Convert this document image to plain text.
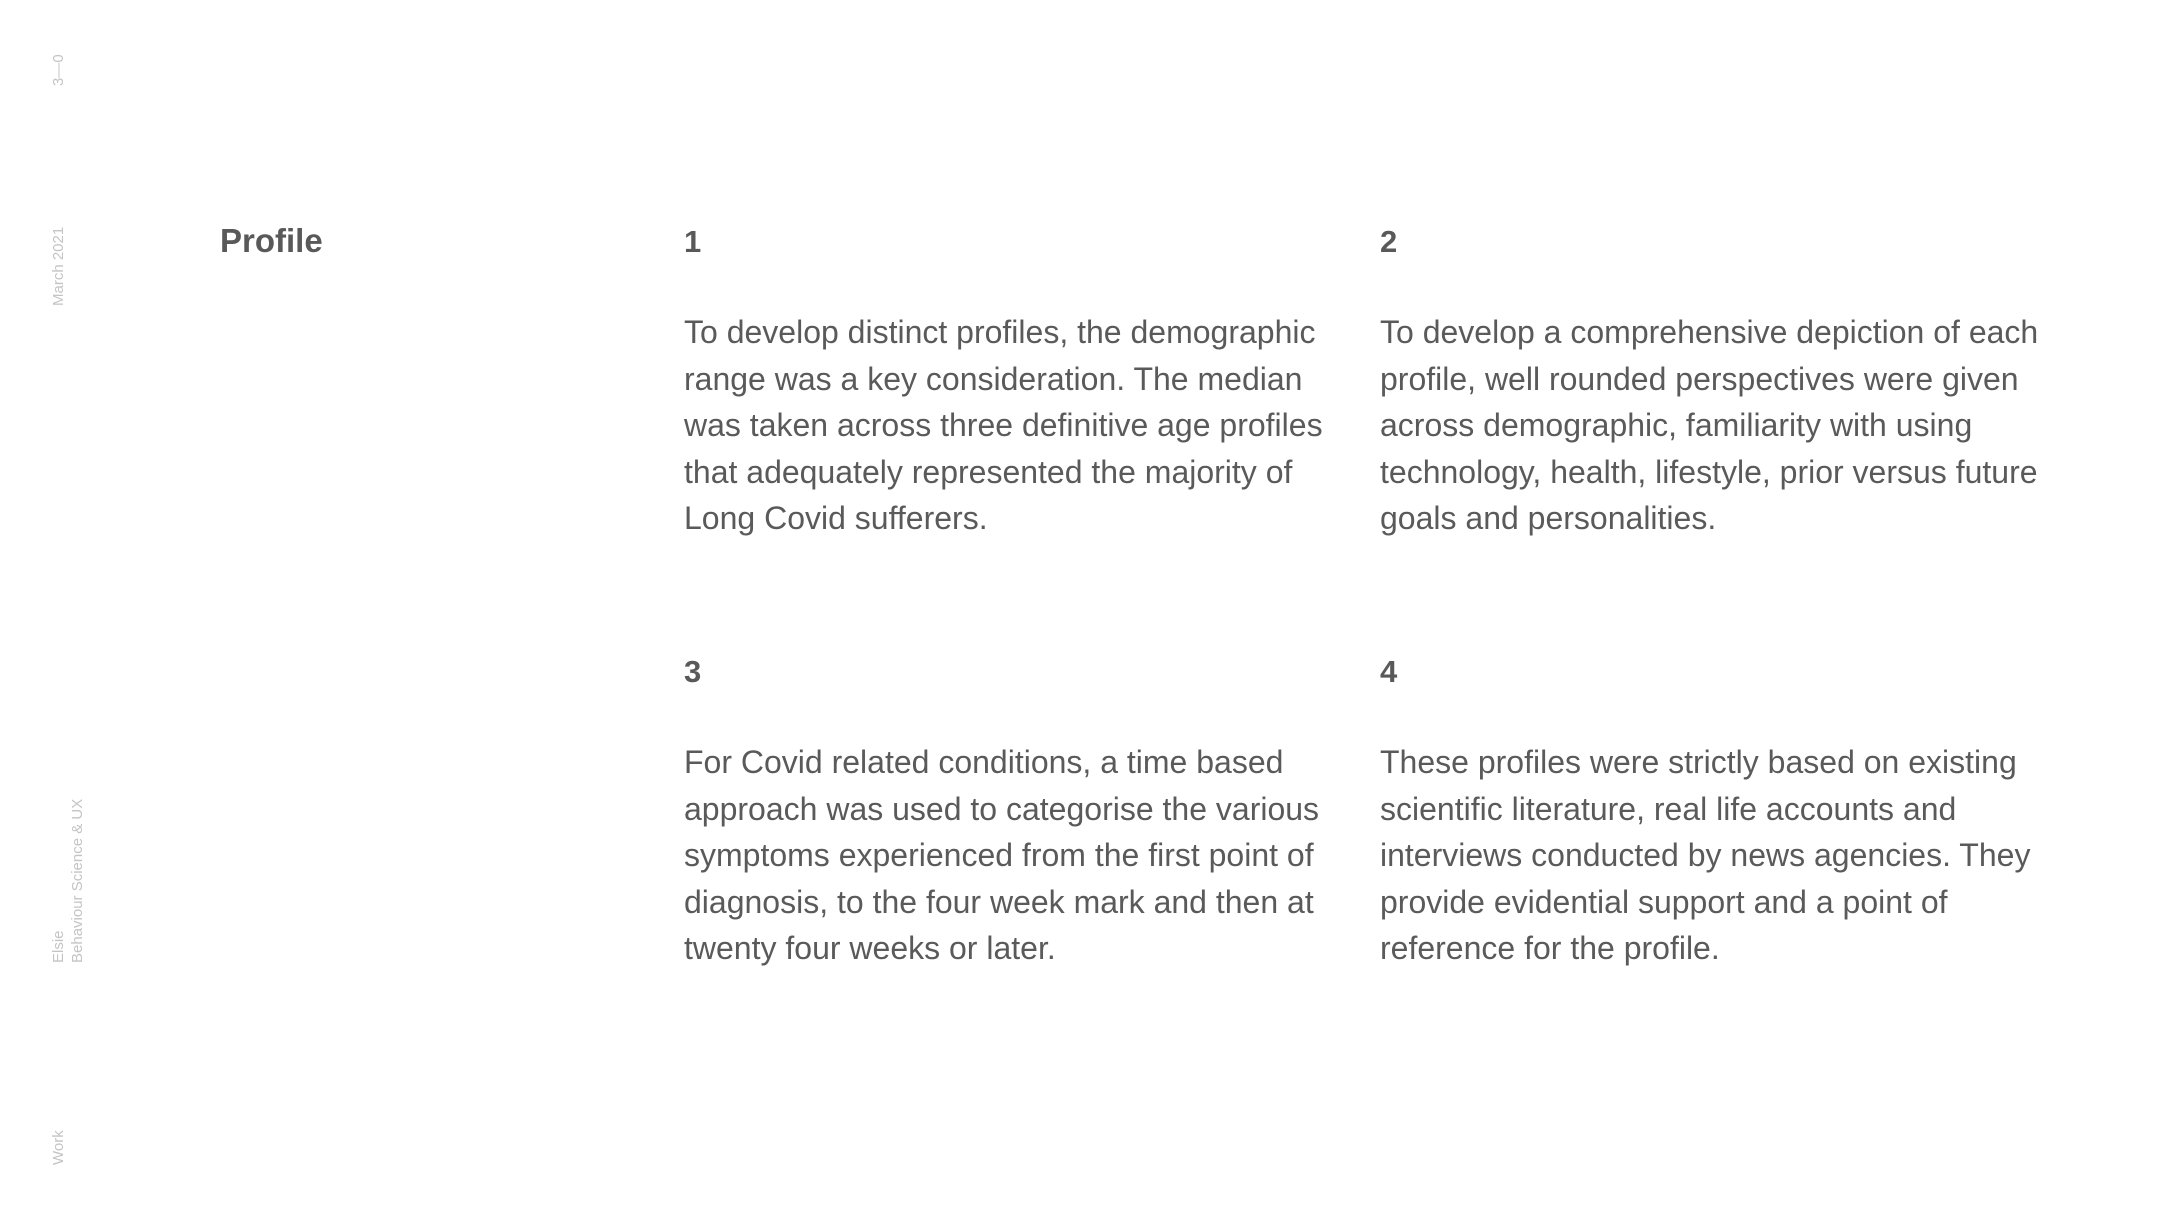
3—0
March 2021
Elsie Behaviour Science & UX
Work
Profile	1

To develop distinct profiles, the demographic range was a key consideration. The median was taken across three definitive age profiles that adequately represented the majority of Long Covid sufferers.

2

To develop a comprehensive depiction of each profile, well rounded perspectives were given across demographic, familiarity with using technology, health, lifestyle, prior versus future goals and personalities.

3

For Covid related conditions, a time based approach was used to categorise the various symptoms experienced from the first point of diagnosis, to the four week mark and then at twenty four weeks or later.

4

These profiles were strictly based on existing scientific literature, real life accounts and interviews conducted by news agencies. They provide evidential support and a point of reference for the profile.
